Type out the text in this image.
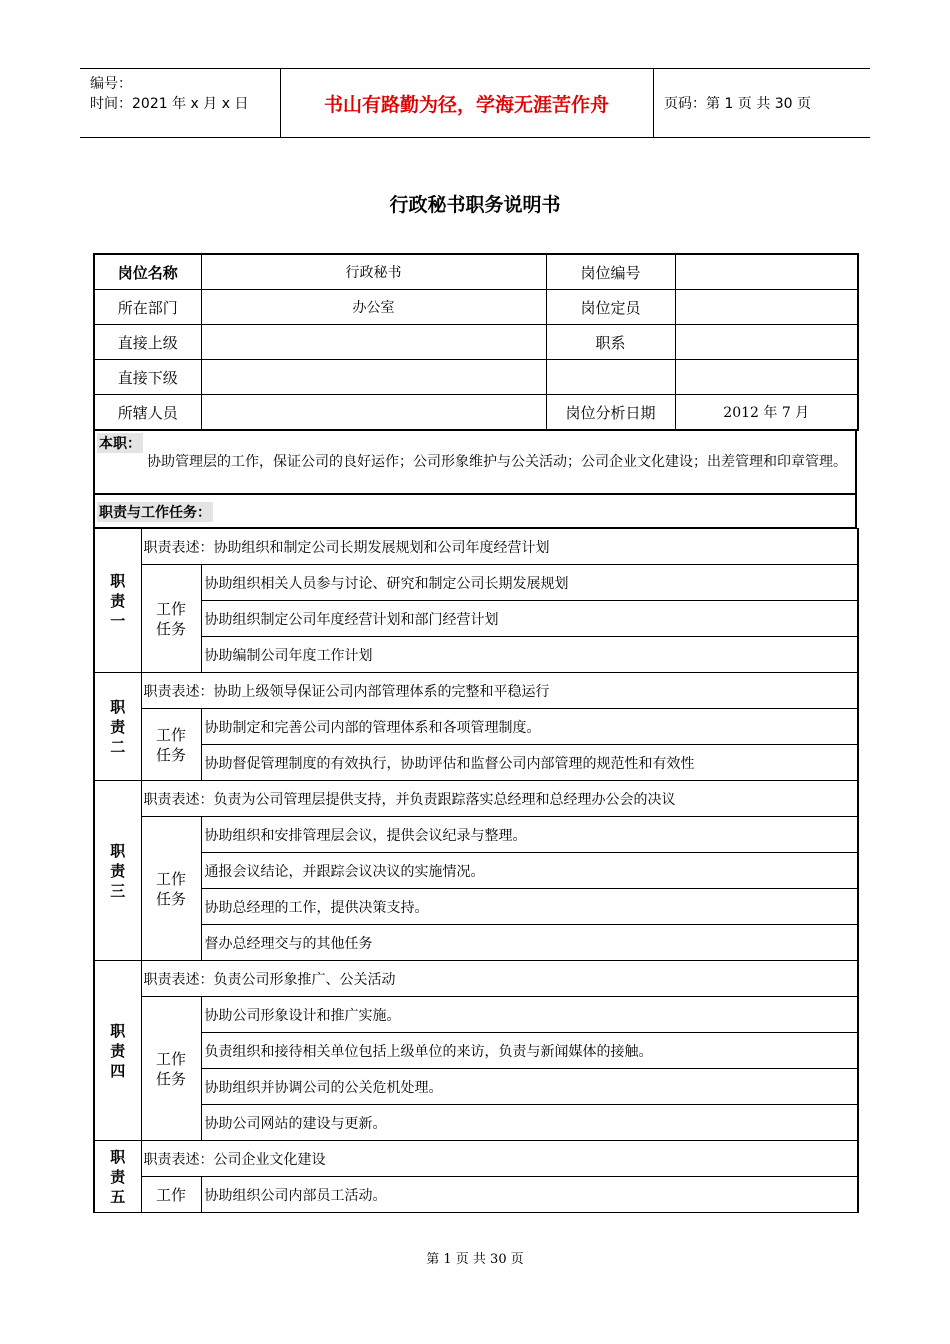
编号：
时间：2021 年 x 月 x 日	书山有路勤为径，学海无涯苦作舟	页码：第 1 页 共 30 页
行政秘书职务说明书
岗位名称	行政秘书	岗位编号	
所在部门	办公室	岗位定员	
直接上级		职系	
直接下级			
所辖人员		岗位分析日期	2012 年 7 月
本职：
协助管理层的工作，保证公司的良好运作；公司形象维护与公关活动；公司企业文化建设；出差管理和印章管理。
职责与工作任务：
职
责
一	职责表述：协助组织和制定公司长期发展规划和公司年度经营计划	
	工作
任务	协助组织相关人员参与讨论、研究和制定公司长期发展规划
		协助组织制定公司年度经营计划和部门经营计划
		协助编制公司年度工作计划
职
责
二	职责表述：协助上级领导保证公司内部管理体系的完整和平稳运行	
	工作
任务	协助制定和完善公司内部的管理体系和各项管理制度。
		协助督促管理制度的有效执行，协助评估和监督公司内部管理的规范性和有效性
职
责
三	职责表述：负责为公司管理层提供支持，并负责跟踪落实总经理和总经理办公会的决议	
	工作
任务	协助组织和安排管理层会议，提供会议纪录与整理。
		通报会议结论，并跟踪会议决议的实施情况。
		协助总经理的工作，提供决策支持。
		督办总经理交与的其他任务
职
责
四	职责表述：负责公司形象推广、公关活动	
	工作
任务	协助公司形象设计和推广实施。
		负责组织和接待相关单位包括上级单位的来访，负责与新闻媒体的接触。
		协助组织并协调公司的公关危机处理。
		协助公司网站的建设与更新。
职
责
五	职责表述：公司企业文化建设	
	工作	协助组织公司内部员工活动。
第 1 页 共 30 页
